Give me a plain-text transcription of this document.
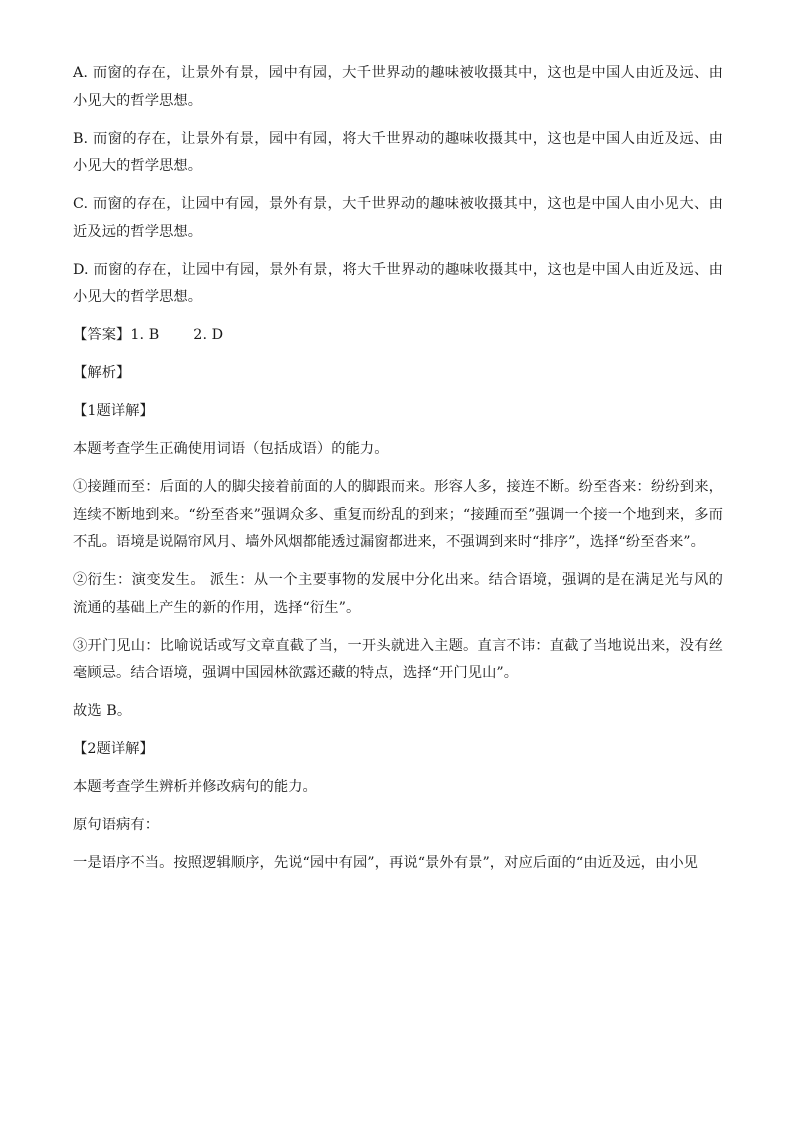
A. 而窗的存在，让景外有景，园中有园，大千世界动的趣味被收摄其中，这也是中国人由近及远、由小见大的哲学思想。

B. 而窗的存在，让景外有景，园中有园，将大千世界动的趣味收摄其中，这也是中国人由近及远、由小见大的哲学思想。

C. 而窗的存在，让园中有园，景外有景，大千世界动的趣味被收摄其中，这也是中国人由小见大、由近及远的哲学思想。

D. 而窗的存在，让园中有园，景外有景，将大千世界动的趣味收摄其中，这也是中国人由近及远、由小见大的哲学思想。

【答案】1. B 2. D

【解析】

【1题详解】

本题考查学生正确使用词语（包括成语）的能力。

①接踵而至：后面的人的脚尖接着前面的人的脚跟而来。形容人多，接连不断。纷至沓来：纷纷到来，连续不断地到来。“纷至沓来”强调众多、重复而纷乱的到来；“接踵而至”强调一个接一个地到来，多而不乱。语境是说隔帘风月、墙外风烟都能透过漏窗都进来，不强调到来时“排序”，选择“纷至沓来”。

②衍生：演变发生。 派生：从一个主要事物的发展中分化出来。结合语境，强调的是在满足光与风的流通的基础上产生的新的作用，选择“衍生”。

③开门见山：比喻说话或写文章直截了当，一开头就进入主题。直言不讳：直截了当地说出来，没有丝毫顾忌。结合语境，强调中国园林欲露还藏的特点，选择“开门见山”。

故选 B。

【2题详解】

本题考查学生辨析并修改病句的能力。

原句语病有：

一是语序不当。按照逻辑顺序，先说“园中有园”，再说“景外有景”，对应后面的“由近及远，由小见
